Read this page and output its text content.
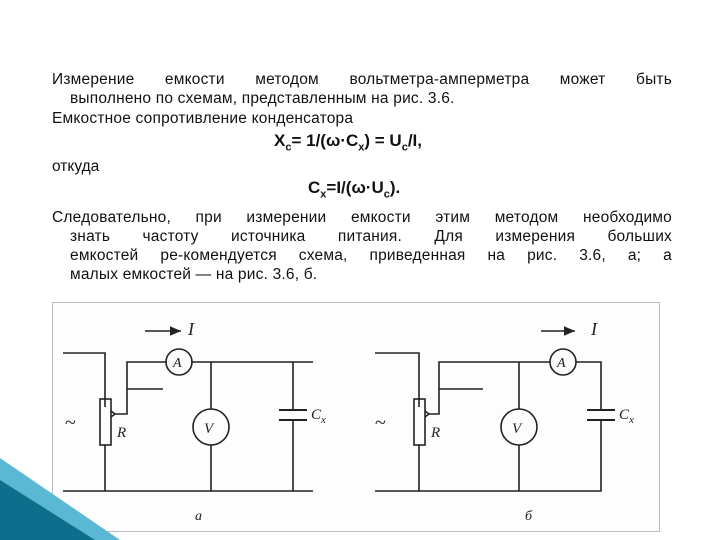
Измерение емкости методом вольтметра-амперметра может быть
выполнено по схемам, представленным на рис. 3.6.
Емкостное сопротивление конденсатора
$X_c= 1/(\omega\cdot C_x) = U_c/I$,
откуда
$C_x=I/(\omega\cdot U_c)$.
Следовательно, при измерении емкости этим методом необходимо
знать частоту источника питания. Для измерения больших
емкостей ре-комендуется схема, приведенная на рис. 3.6, а; а
малых емкостей — на рис. 3.6, б.
I
A
V
R
$C_x$
~
а
I
A
V
R
$C_x$
~
б
